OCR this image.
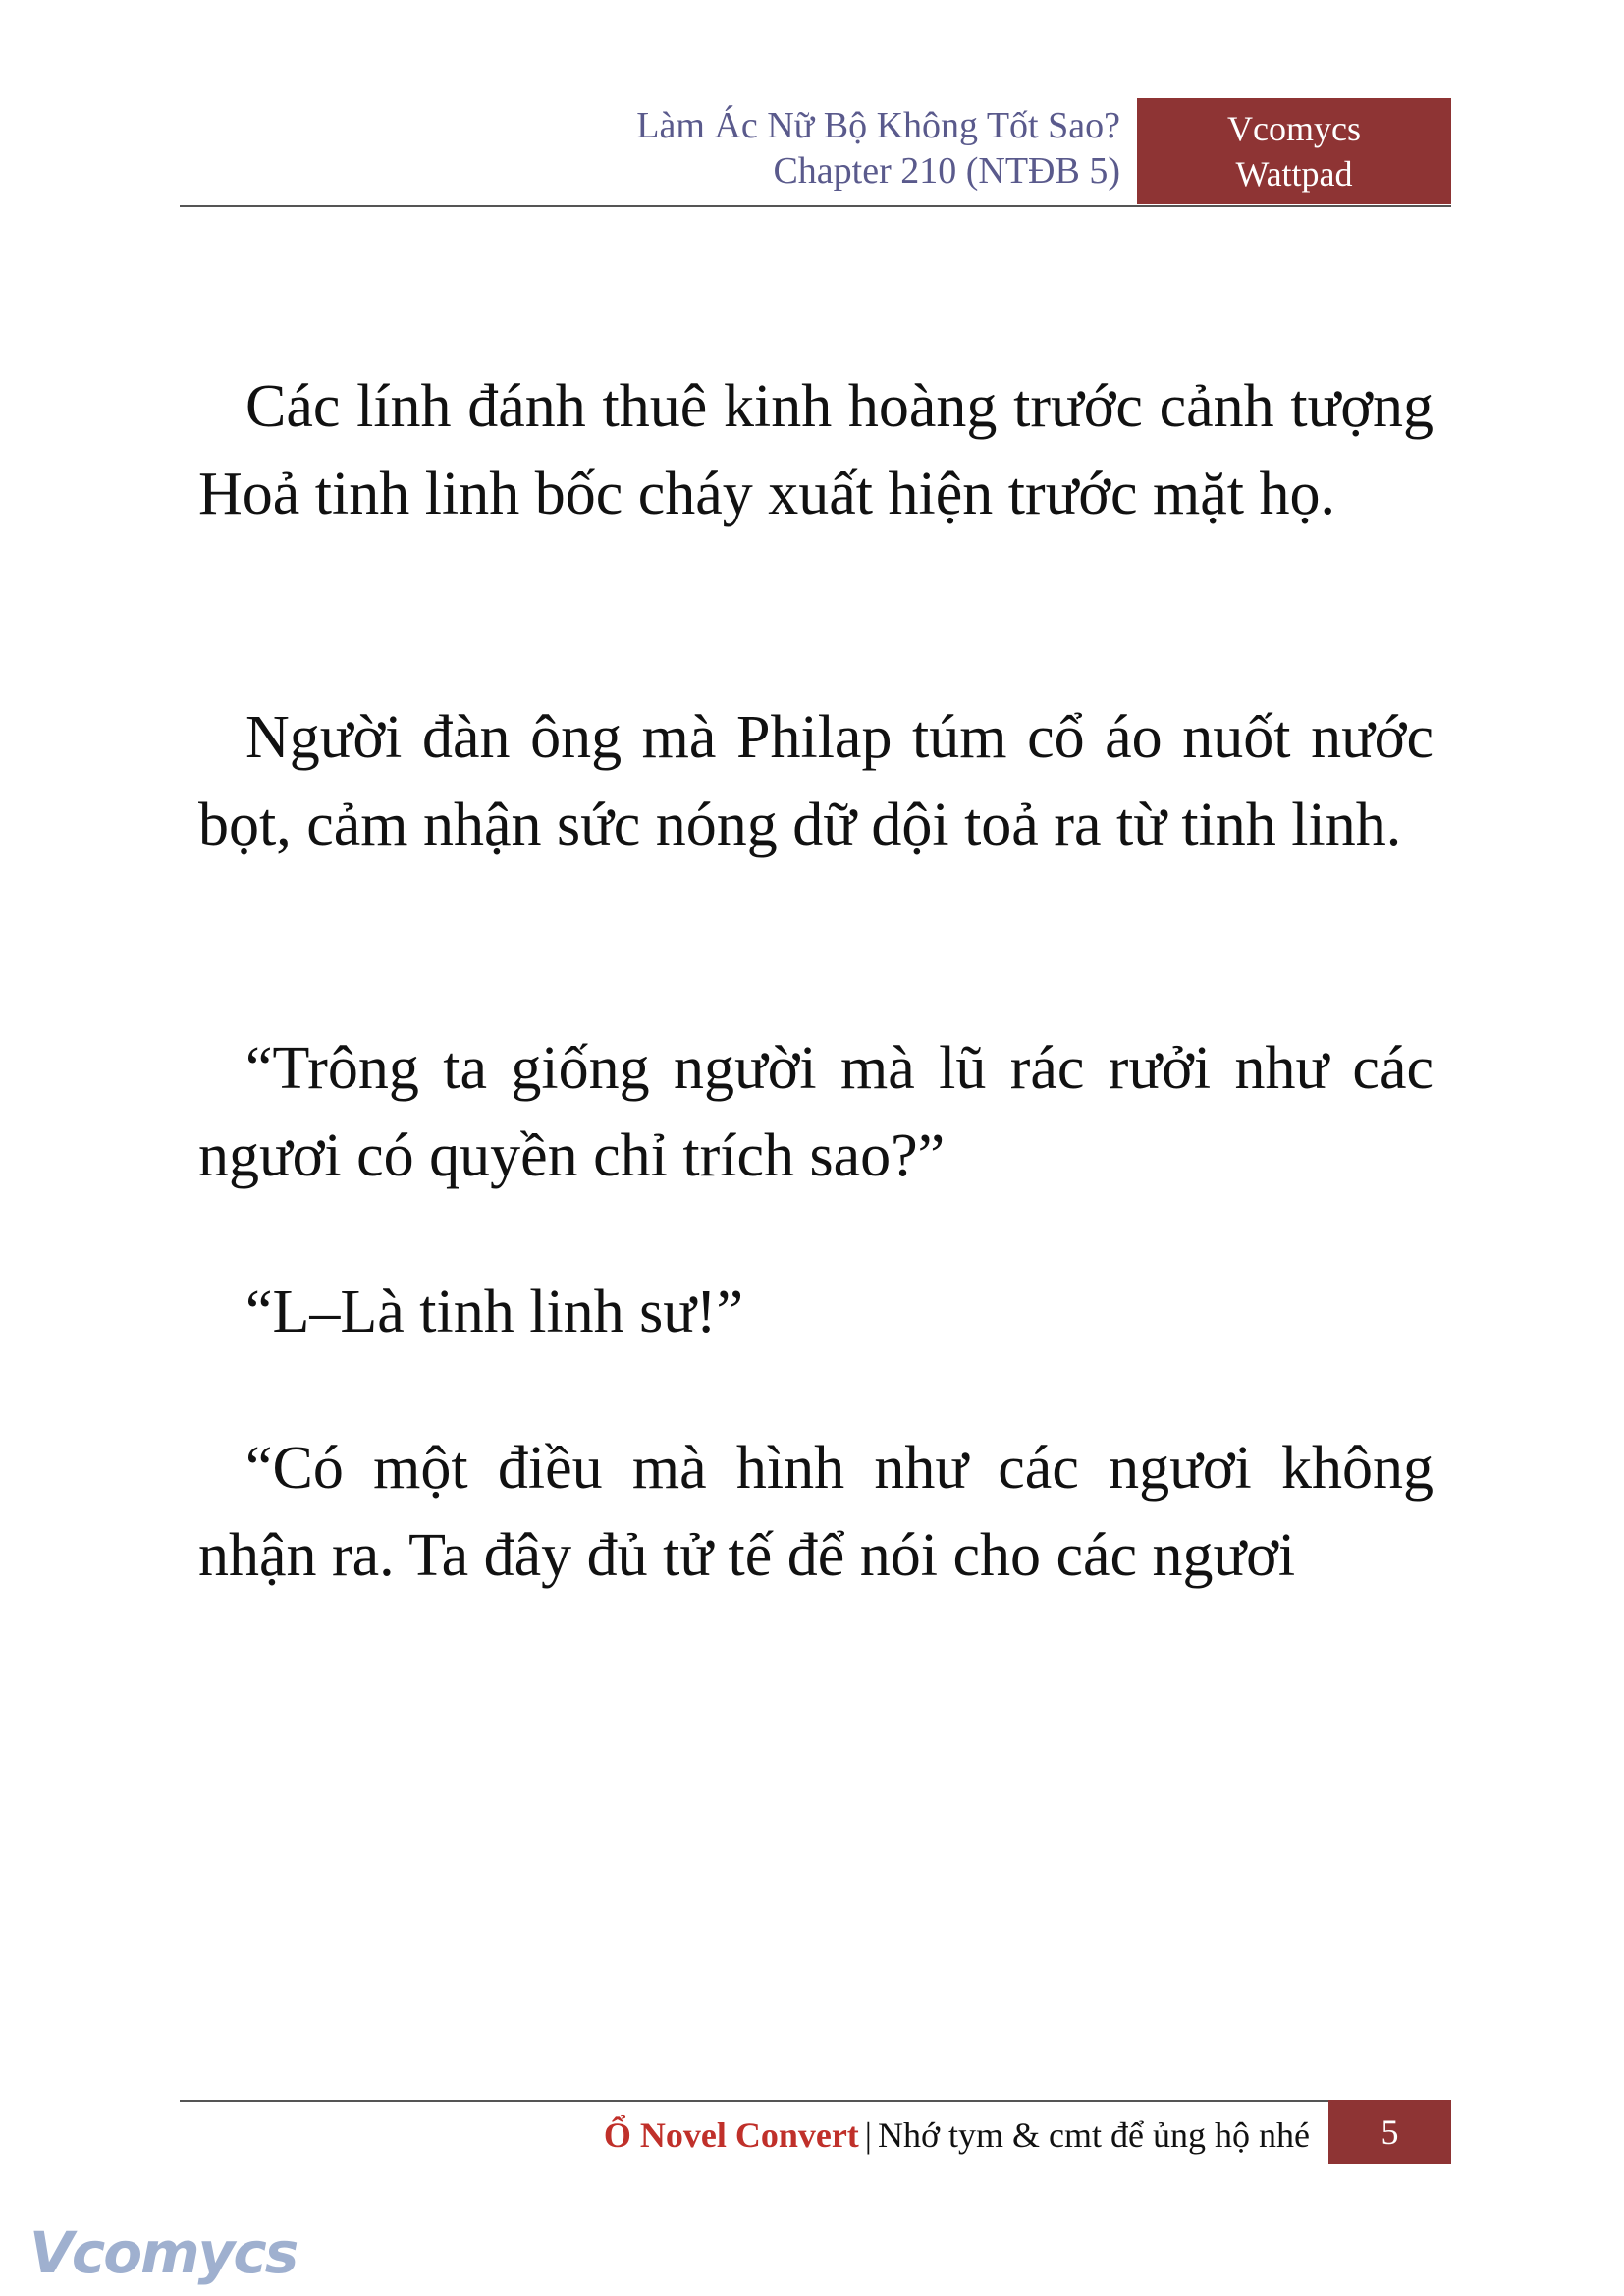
Làm Ác Nữ Bộ Không Tốt Sao?
Chapter 210 (NTĐB 5)
Vcomycs
Wattpad

Các lính đánh thuê kinh hoàng trước cảnh tượng Hoả tinh linh bốc cháy xuất hiện trước mặt họ.

Người đàn ông mà Philap túm cổ áo nuốt nước bọt, cảm nhận sức nóng dữ dội toả ra từ tinh linh.

“Trông ta giống người mà lũ rác rưởi như các ngươi có quyền chỉ trích sao?”

“L–Là tinh linh sư!”

“Có một điều mà hình như các ngươi không nhận ra. Ta đây đủ tử tế để nói cho các ngươi

Ổ Novel Convert | Nhớ tym & cmt để ủng hộ nhé	5
Vcomycs
